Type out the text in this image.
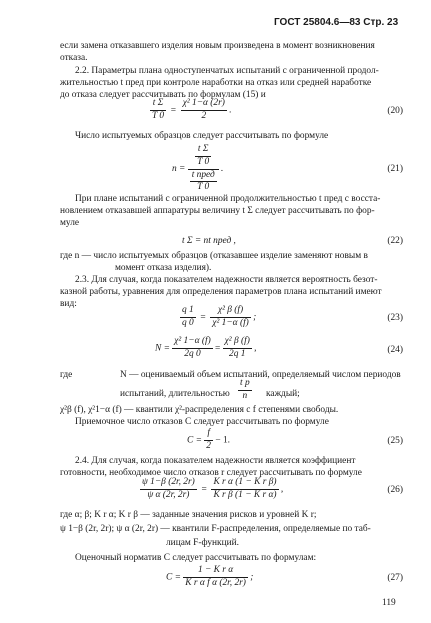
ГОСТ 25804.6—83 Стр. 23
если замена отказавшего изделия новым произведена в момент возникновения
отказа.
2.2. Параметры плана одноступенчатых испытаний с ограниченной продол-
жительностью t пред при контроле наработки на отказ или средней наработке
до отказа следует рассчитывать по формулам (15) и
$\frac{\text{t Σ}}{T 0} = \frac{\text{χ² 1−α (2r)}}{2}$ .	(20)
Число испытуемых образцов следует рассчитывать по формуле
$n = \frac{\frac{\text{t Σ}}{T 0}}{\frac{\text{t пред}}{T 0}}$ .	(21)
При плане испытаний с ограниченной продолжительностью t пред с восста-
новлением отказавшей аппаратуры величину t Σ следует рассчитывать по фор-
муле
t Σ = nt пред ,	(22)
где n — число испытуемых образцов (отказавшее изделие заменяют новым в
момент отказа изделия).
2.3. Для случая, когда показателем надежности является вероятность безот-
казной работы, уравнения для определения параметров плана испытаний имеют
вид:
$\frac{q 1}{q 0} = \frac{\text{χ² β (f)}}{\text{χ² 1−α (f)}}$ ;	(23)
$N = \frac{\text{χ² 1−α (f)}}{2q 0} = \frac{\text{χ² β (f)}}{2q 1}$ ,	(24)
где	N — оцениваемый объем испытаний, определяемый числом периодов
испытаний, длительностью $\frac{\text{t p}}{n}$ каждый;
χ²β (f), χ²1−α (f) — квантили χ²-распределения с f степенями свободы.
Приемочное число отказов C следует рассчитывать по формуле
$C = \frac{f}{2} - 1$.	(25)
2.4. Для случая, когда показателем надежности является коэффициент
готовности, необходимое число отказов r следует рассчитывать по формуле
$\frac{\psi 1-\beta (2r, 2r)}{\text{ψ α (2r, 2r)}} = \frac{\text{K r α (1 − K r β)}}{\text{K r β (1 − K r α)}}$ ,	(26)
где α; β; K r α; K r β — заданные значения рисков и уровней K r;
ψ 1−β (2r, 2r); ψ α (2r, 2r) — квантили F-распределения, определяемые по таб-
лицам F-функций.
Оценочный норматив C следует рассчитывать по формулам:
$C = \frac{\text{1 − K r α}}{\text{K r α f α (2r, 2r)}}$ ;	(27)
119
